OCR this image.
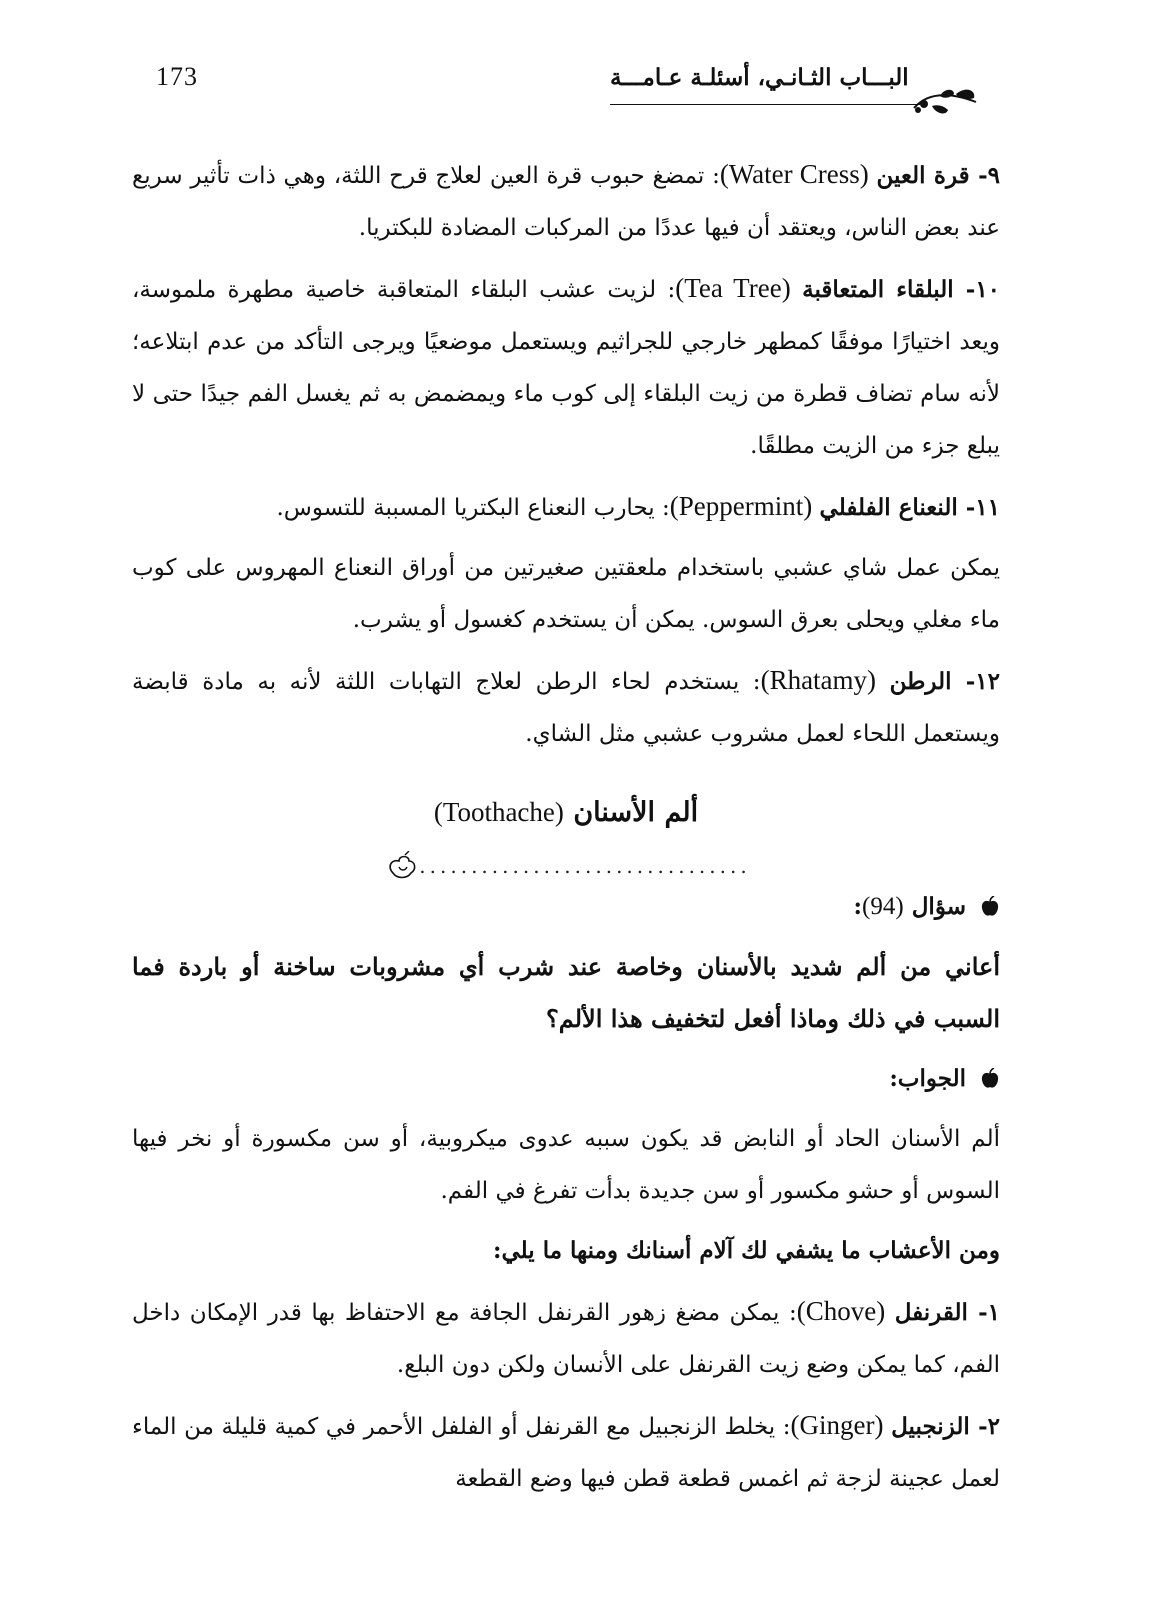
173	البـــاب الثـانـي، أسئلـة عـامـــة

٩- قرة العين (Water Cress): تمضغ حبوب قرة العين لعلاج قرح اللثة، وهي ذات تأثير سريع عند بعض الناس، ويعتقد أن فيها عددًا من المركبات المضادة للبكتريا.

١٠- البلقاء المتعاقبة (Tea Tree): لزيت عشب البلقاء المتعاقبة خاصية مطهرة ملموسة، ويعد اختيارًا موفقًا كمطهر خارجي للجراثيم ويستعمل موضعيًا ويرجى التأكد من عدم ابتلاعه؛ لأنه سام تضاف قطرة من زيت البلقاء إلى كوب ماء ويمضمض به ثم يغسل الفم جيدًا حتى لا يبلع جزء من الزيت مطلقًا.

١١- النعناع الفلفلي (Peppermint): يحارب النعناع البكتريا المسببة للتسوس.

يمكن عمل شاي عشبي باستخدام ملعقتين صغيرتين من أوراق النعناع المهروس على كوب ماء مغلي ويحلى بعرق السوس. يمكن أن يستخدم كغسول أو يشرب.

١٢- الرطن (Rhatamy): يستخدم لحاء الرطن لعلاج التهابات اللثة لأنه به مادة قابضة ويستعمل اللحاء لعمل مشروب عشبي مثل الشاي.

ألم الأسنان (Toothache)
................................

سؤال (94):

أعاني من ألم شديد بالأسنان وخاصة عند شرب أي مشروبات ساخنة أو باردة فما السبب في ذلك وماذا أفعل لتخفيف هذا الألم؟

الجواب:

ألم الأسنان الحاد أو النابض قد يكون سببه عدوى ميكروبية، أو سن مكسورة أو نخر فيها السوس أو حشو مكسور أو سن جديدة بدأت تفرغ في الفم.

ومن الأعشاب ما يشفي لك آلام أسنانك ومنها ما يلي:

١- القرنفل (Chove): يمكن مضغ زهور القرنفل الجافة مع الاحتفاظ بها قدر الإمكان داخل الفم، كما يمكن وضع زيت القرنفل على الأنسان ولكن دون البلع.

٢- الزنجبيل (Ginger): يخلط الزنجبيل مع القرنفل أو الفلفل الأحمر في كمية قليلة من الماء لعمل عجينة لزجة ثم اغمس قطعة قطن فيها وضع القطعة
